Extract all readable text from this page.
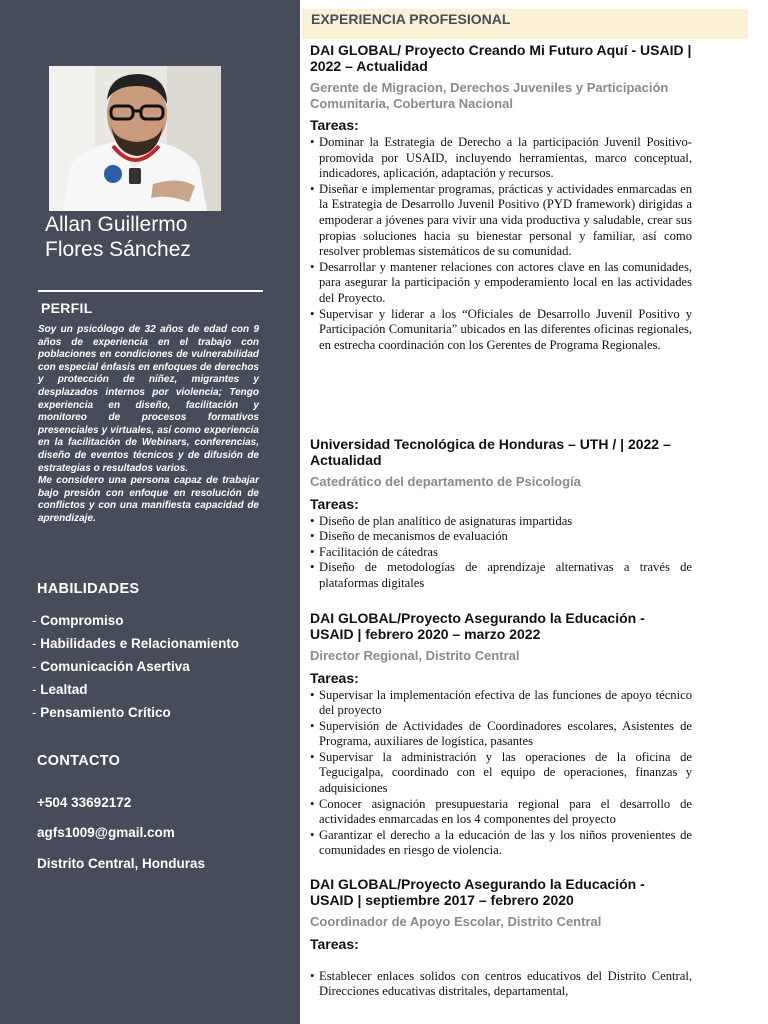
Allan Guillermo
Flores Sánchez
PERFIL
Soy un psicólogo de 32 años de edad con 9 años de experiencia en el trabajo con poblaciones en condiciones de vulnerabilidad con especial énfasis en enfoques de derechos y protección de niñez, migrantes y desplazados internos por violencia; Tengo experiencia en diseño, facilitación y monitoreo de procesos formativos presenciales y virtuales, así como experiencia en la facilitación de Webinars, conferencias, diseño de eventos técnicos y de difusión de estrategias o resultados varios.
Me considero una persona capaz de trabajar bajo presión con enfoque en resolución de conflictos y con una manifiesta capacidad de aprendizaje.
HABILIDADES
- Compromiso
- Habilidades e Relacionamiento
- Comunicación Asertiva
- Lealtad
- Pensamiento Crítico
CONTACTO
+504 33692172
agfs1009@gmail.com
Distrito Central, Honduras
EXPERIENCIA PROFESIONAL
DAI GLOBAL/ Proyecto Creando Mi Futuro Aquí - USAID | 2022 – Actualidad
Gerente de Migracion, Derechos Juveniles y Participación Comunitaria, Cobertura Nacional
Tareas:
• Dominar la Estrategia de Derecho a la participación Juvenil Positivo-promovida por USAID, incluyendo herramientas, marco conceptual, indicadores, aplicación, adaptación y recursos.
• Diseñar e implementar programas, prácticas y actividades enmarcadas en la Estrategia de Desarrollo Juvenil Positivo (PYD framework) dirigidas a empoderar a jóvenes para vivir una vida productiva y saludable, crear sus propias soluciones hacia su bienestar personal y familiar, así como resolver problemas sistemáticos de su comunidad.
• Desarrollar y mantener relaciones con actores clave en las comunidades, para asegurar la participación y empoderamiento local en las actividades del Proyecto.
• Supervisar y liderar a los “Oficiales de Desarrollo Juvenil Positivo y Participación Comunitaria” ubicados en las diferentes oficinas regionales, en estrecha coordinación con los Gerentes de Programa Regionales.
Universidad Tecnológica de Honduras – UTH / | 2022 – Actualidad
Catedrático del departamento de Psicología
Tareas:
• Diseño de plan analítico de asignaturas impartidas
• Diseño de mecanismos de evaluación
• Facilitación de cátedras
• Diseño de metodologías de aprendizaje alternativas a través de plataformas digitales
DAI GLOBAL/Proyecto Asegurando la Educación - USAID | febrero 2020 – marzo 2022
Director Regional, Distrito Central
Tareas:
• Supervisar la implementación efectiva de las funciones de apoyo técnico del proyecto
• Supervisión de Actividades de Coordinadores escolares, Asistentes de Programa, auxiliares de logística, pasantes
• Supervisar la administración y las operaciones de la oficina de Tegucigalpa, coordinado con el equipo de operaciones, finanzas y adquisiciones
• Conocer asignación presupuestaria regional para el desarrollo de actividades enmarcadas en los 4 componentes del proyecto
• Garantizar el derecho a la educación de las y los niños provenientes de comunidades en riesgo de violencia.
DAI GLOBAL/Proyecto Asegurando la Educación - USAID | septiembre 2017 – febrero 2020
Coordinador de Apoyo Escolar, Distrito Central
Tareas:
• Establecer enlaces solidos con centros educativos del Distrito Central, Direcciones educativas distritales, departamental,
